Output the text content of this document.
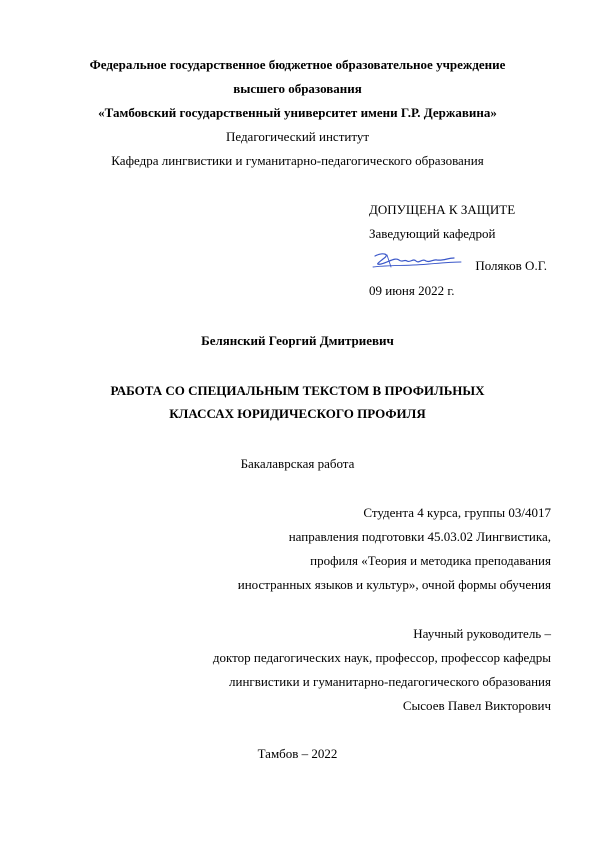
Федеральное государственное бюджетное образовательное учреждение
высшего образования
«Тамбовский государственный университет имени Г.Р. Державина»
Педагогический институт
Кафедра лингвистики и гуманитарно-педагогического образования
ДОПУЩЕНА К ЗАЩИТЕ
Заведующий кафедрой
Поляков О.Г.
09 июня 2022 г.
Белянский Георгий Дмитриевич
РАБОТА СО СПЕЦИАЛЬНЫМ ТЕКСТОМ В ПРОФИЛЬНЫХ
КЛАССАХ ЮРИДИЧЕСКОГО ПРОФИЛЯ
Бакалаврская работа
Студента 4 курса, группы 03/4017
направления подготовки 45.03.02 Лингвистика,
профиля «Теория и методика преподавания
иностранных языков и культур», очной формы обучения
Научный руководитель –
доктор педагогических наук, профессор, профессор кафедры
лингвистики и гуманитарно-педагогического образования
Сысоев Павел Викторович
Тамбов – 2022
